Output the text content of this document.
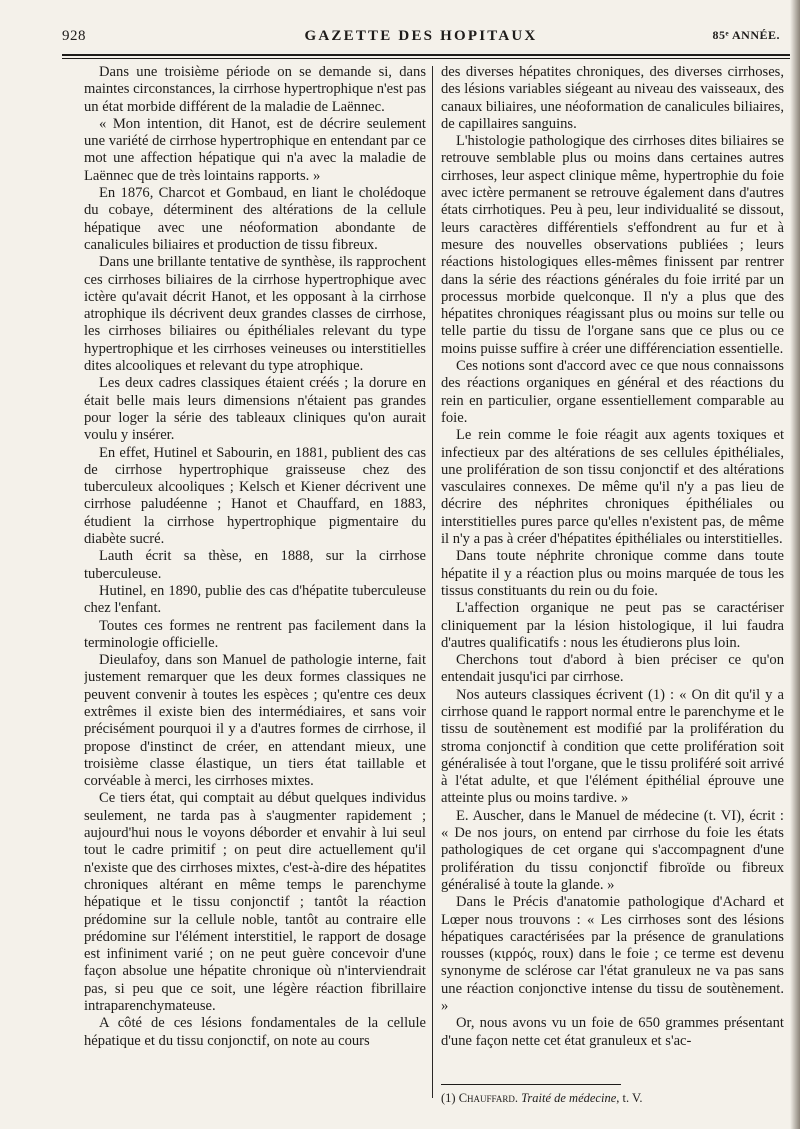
928	GAZETTE DES HOPITAUX	85ᵉ ANNÉE.

Dans une troisième période on se demande si, dans maintes circonstances, la cirrhose hypertrophique n'est pas un état morbide différent de la maladie de Laënnec.

« Mon intention, dit Hanot, est de décrire seulement une variété de cirrhose hypertrophique en entendant par ce mot une affection hépatique qui n'a avec la maladie de Laënnec que de très lointains rapports. »

En 1876, Charcot et Gombaud, en liant le cholédoque du cobaye, déterminent des altérations de la cellule hépatique avec une néoformation abondante de canalicules biliaires et production de tissu fibreux.

Dans une brillante tentative de synthèse, ils rapprochent ces cirrhoses biliaires de la cirrhose hypertrophique avec ictère qu'avait décrit Hanot, et les opposant à la cirrhose atrophique ils décrivent deux grandes classes de cirrhose, les cirrhoses biliaires ou épithéliales relevant du type hypertrophique et les cirrhoses veineuses ou interstitielles dites alcooliques et relevant du type atrophique.

Les deux cadres classiques étaient créés ; la dorure en était belle mais leurs dimensions n'étaient pas grandes pour loger la série des tableaux cliniques qu'on aurait voulu y insérer.

En effet, Hutinel et Sabourin, en 1881, publient des cas de cirrhose hypertrophique graisseuse chez des tuberculeux alcooliques ; Kelsch et Kiener décrivent une cirrhose paludéenne ; Hanot et Chauffard, en 1883, étudient la cirrhose hypertrophique pigmentaire du diabète sucré.

Lauth écrit sa thèse, en 1888, sur la cirrhose tuberculeuse.

Hutinel, en 1890, publie des cas d'hépatite tuberculeuse chez l'enfant.

Toutes ces formes ne rentrent pas facilement dans la terminologie officielle.

Dieulafoy, dans son Manuel de pathologie interne, fait justement remarquer que les deux formes classiques ne peuvent convenir à toutes les espèces ; qu'entre ces deux extrêmes il existe bien des intermédiaires, et sans voir précisément pourquoi il y a d'autres formes de cirrhose, il propose d'instinct de créer, en attendant mieux, une troisième classe élastique, un tiers état taillable et corvéable à merci, les cirrhoses mixtes.

Ce tiers état, qui comptait au début quelques individus seulement, ne tarda pas à s'augmenter rapidement ; aujourd'hui nous le voyons déborder et envahir à lui seul tout le cadre primitif ; on peut dire actuellement qu'il n'existe que des cirrhoses mixtes, c'est-à-dire des hépatites chroniques altérant en même temps le parenchyme hépatique et le tissu conjonctif ; tantôt la réaction prédomine sur la cellule noble, tantôt au contraire elle prédomine sur l'élément interstitiel, le rapport de dosage est infiniment varié ; on ne peut guère concevoir d'une façon absolue une hépatite chronique où n'interviendrait pas, si peu que ce soit, une légère réaction fibrillaire intraparenchymateuse.

A côté de ces lésions fondamentales de la cellule hépatique et du tissu conjonctif, on note au cours

des diverses hépatites chroniques, des diverses cirrhoses, des lésions variables siégeant au niveau des vaisseaux, des canaux biliaires, une néoformation de canalicules biliaires, de capillaires sanguins.

L'histologie pathologique des cirrhoses dites biliaires se retrouve semblable plus ou moins dans certaines autres cirrhoses, leur aspect clinique même, hypertrophie du foie avec ictère permanent se retrouve également dans d'autres états cirrhotiques. Peu à peu, leur individualité se dissout, leurs caractères différentiels s'effondrent au fur et à mesure des nouvelles observations publiées ; leurs réactions histologiques elles-mêmes finissent par rentrer dans la série des réactions générales du foie irrité par un processus morbide quelconque. Il n'y a plus que des hépatites chroniques réagissant plus ou moins sur telle ou telle partie du tissu de l'organe sans que ce plus ou ce moins puisse suffire à créer une différenciation essentielle.

Ces notions sont d'accord avec ce que nous connaissons des réactions organiques en général et des réactions du rein en particulier, organe essentiellement comparable au foie.

Le rein comme le foie réagit aux agents toxiques et infectieux par des altérations de ses cellules épithéliales, une prolifération de son tissu conjonctif et des altérations vasculaires connexes. De même qu'il n'y a pas lieu de décrire des néphrites chroniques épithéliales ou interstitielles pures parce qu'elles n'existent pas, de même il n'y a pas à créer d'hépatites épithéliales ou interstitielles.

Dans toute néphrite chronique comme dans toute hépatite il y a réaction plus ou moins marquée de tous les tissus constituants du rein ou du foie.

L'affection organique ne peut pas se caractériser cliniquement par la lésion histologique, il lui faudra d'autres qualificatifs : nous les étudierons plus loin.

Cherchons tout d'abord à bien préciser ce qu'on entendait jusqu'ici par cirrhose.

Nos auteurs classiques écrivent (1) : « On dit qu'il y a cirrhose quand le rapport normal entre le parenchyme et le tissu de soutènement est modifié par la prolifération du stroma conjonctif à condition que cette prolifération soit généralisée à tout l'organe, que le tissu proliféré soit arrivé à l'état adulte, et que l'élément épithélial éprouve une atteinte plus ou moins tardive. »

E. Auscher, dans le Manuel de médecine (t. VI), écrit : « De nos jours, on entend par cirrhose du foie les états pathologiques de cet organe qui s'accompagnent d'une prolifération du tissu conjonctif fibroïde ou fibreux généralisé à toute la glande. »

Dans le Précis d'anatomie pathologique d'Achard et Lœper nous trouvons : « Les cirrhoses sont des lésions hépatiques caractérisées par la présence de granulations rousses (κιρρός, roux) dans le foie ; ce terme est devenu synonyme de sclérose car l'état granuleux ne va pas sans une réaction conjonctive intense du tissu de soutènement. »

Or, nous avons vu un foie de 650 grammes présentant d'une façon nette cet état granuleux et s'ac-

(1) Chauffard. Traité de médecine, t. V.
